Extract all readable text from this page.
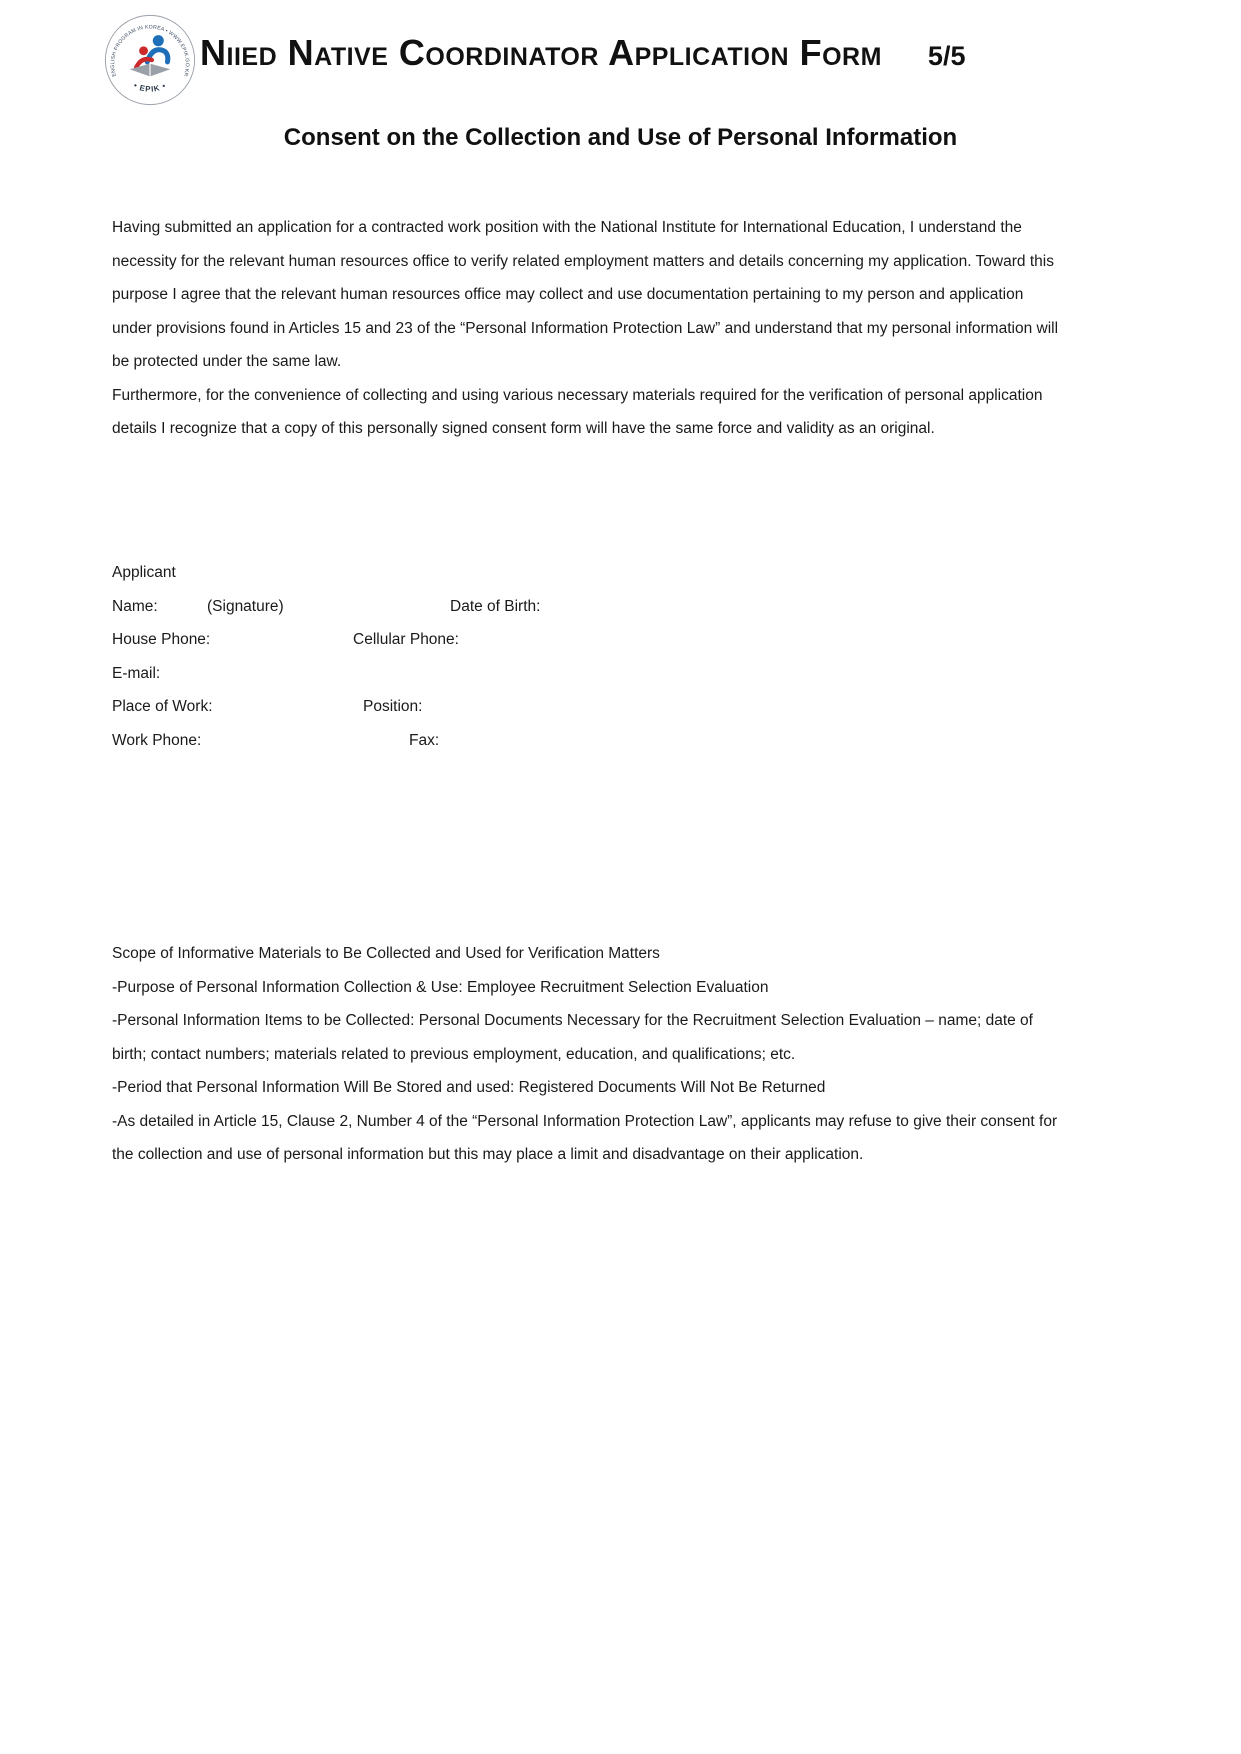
ENGLISH PROGRAM IN KOREA • WWW.EPIK.GO.KR
• EPIK •
Niied Native Coordinator Application Form 5/5
Consent on the Collection and Use of Personal Information
Having submitted an application for a contracted work position with the National Institute for International Education, I understand the
necessity for the relevant human resources office to verify related employment matters and details concerning my application. Toward this
purpose I agree that the relevant human resources office may collect and use documentation pertaining to my person and application
under provisions found in Articles 15 and 23 of the “Personal Information Protection Law” and understand that my personal information will
be protected under the same law.
Furthermore, for the convenience of collecting and using various necessary materials required for the verification of personal application
details I recognize that a copy of this personally signed consent form will have the same force and validity as an original.
Applicant
Name:	(Signature)	Date of Birth:
House Phone:	Cellular Phone:
E-mail:
Place of Work:	Position:
Work Phone:	Fax:
Scope of Informative Materials to Be Collected and Used for Verification Matters
-Purpose of Personal Information Collection & Use: Employee Recruitment Selection Evaluation
-Personal Information Items to be Collected: Personal Documents Necessary for the Recruitment Selection Evaluation – name; date of
birth; contact numbers; materials related to previous employment, education, and qualifications; etc.
-Period that Personal Information Will Be Stored and used: Registered Documents Will Not Be Returned
-As detailed in Article 15, Clause 2, Number 4 of the “Personal Information Protection Law”, applicants may refuse to give their consent for
the collection and use of personal information but this may place a limit and disadvantage on their application.
